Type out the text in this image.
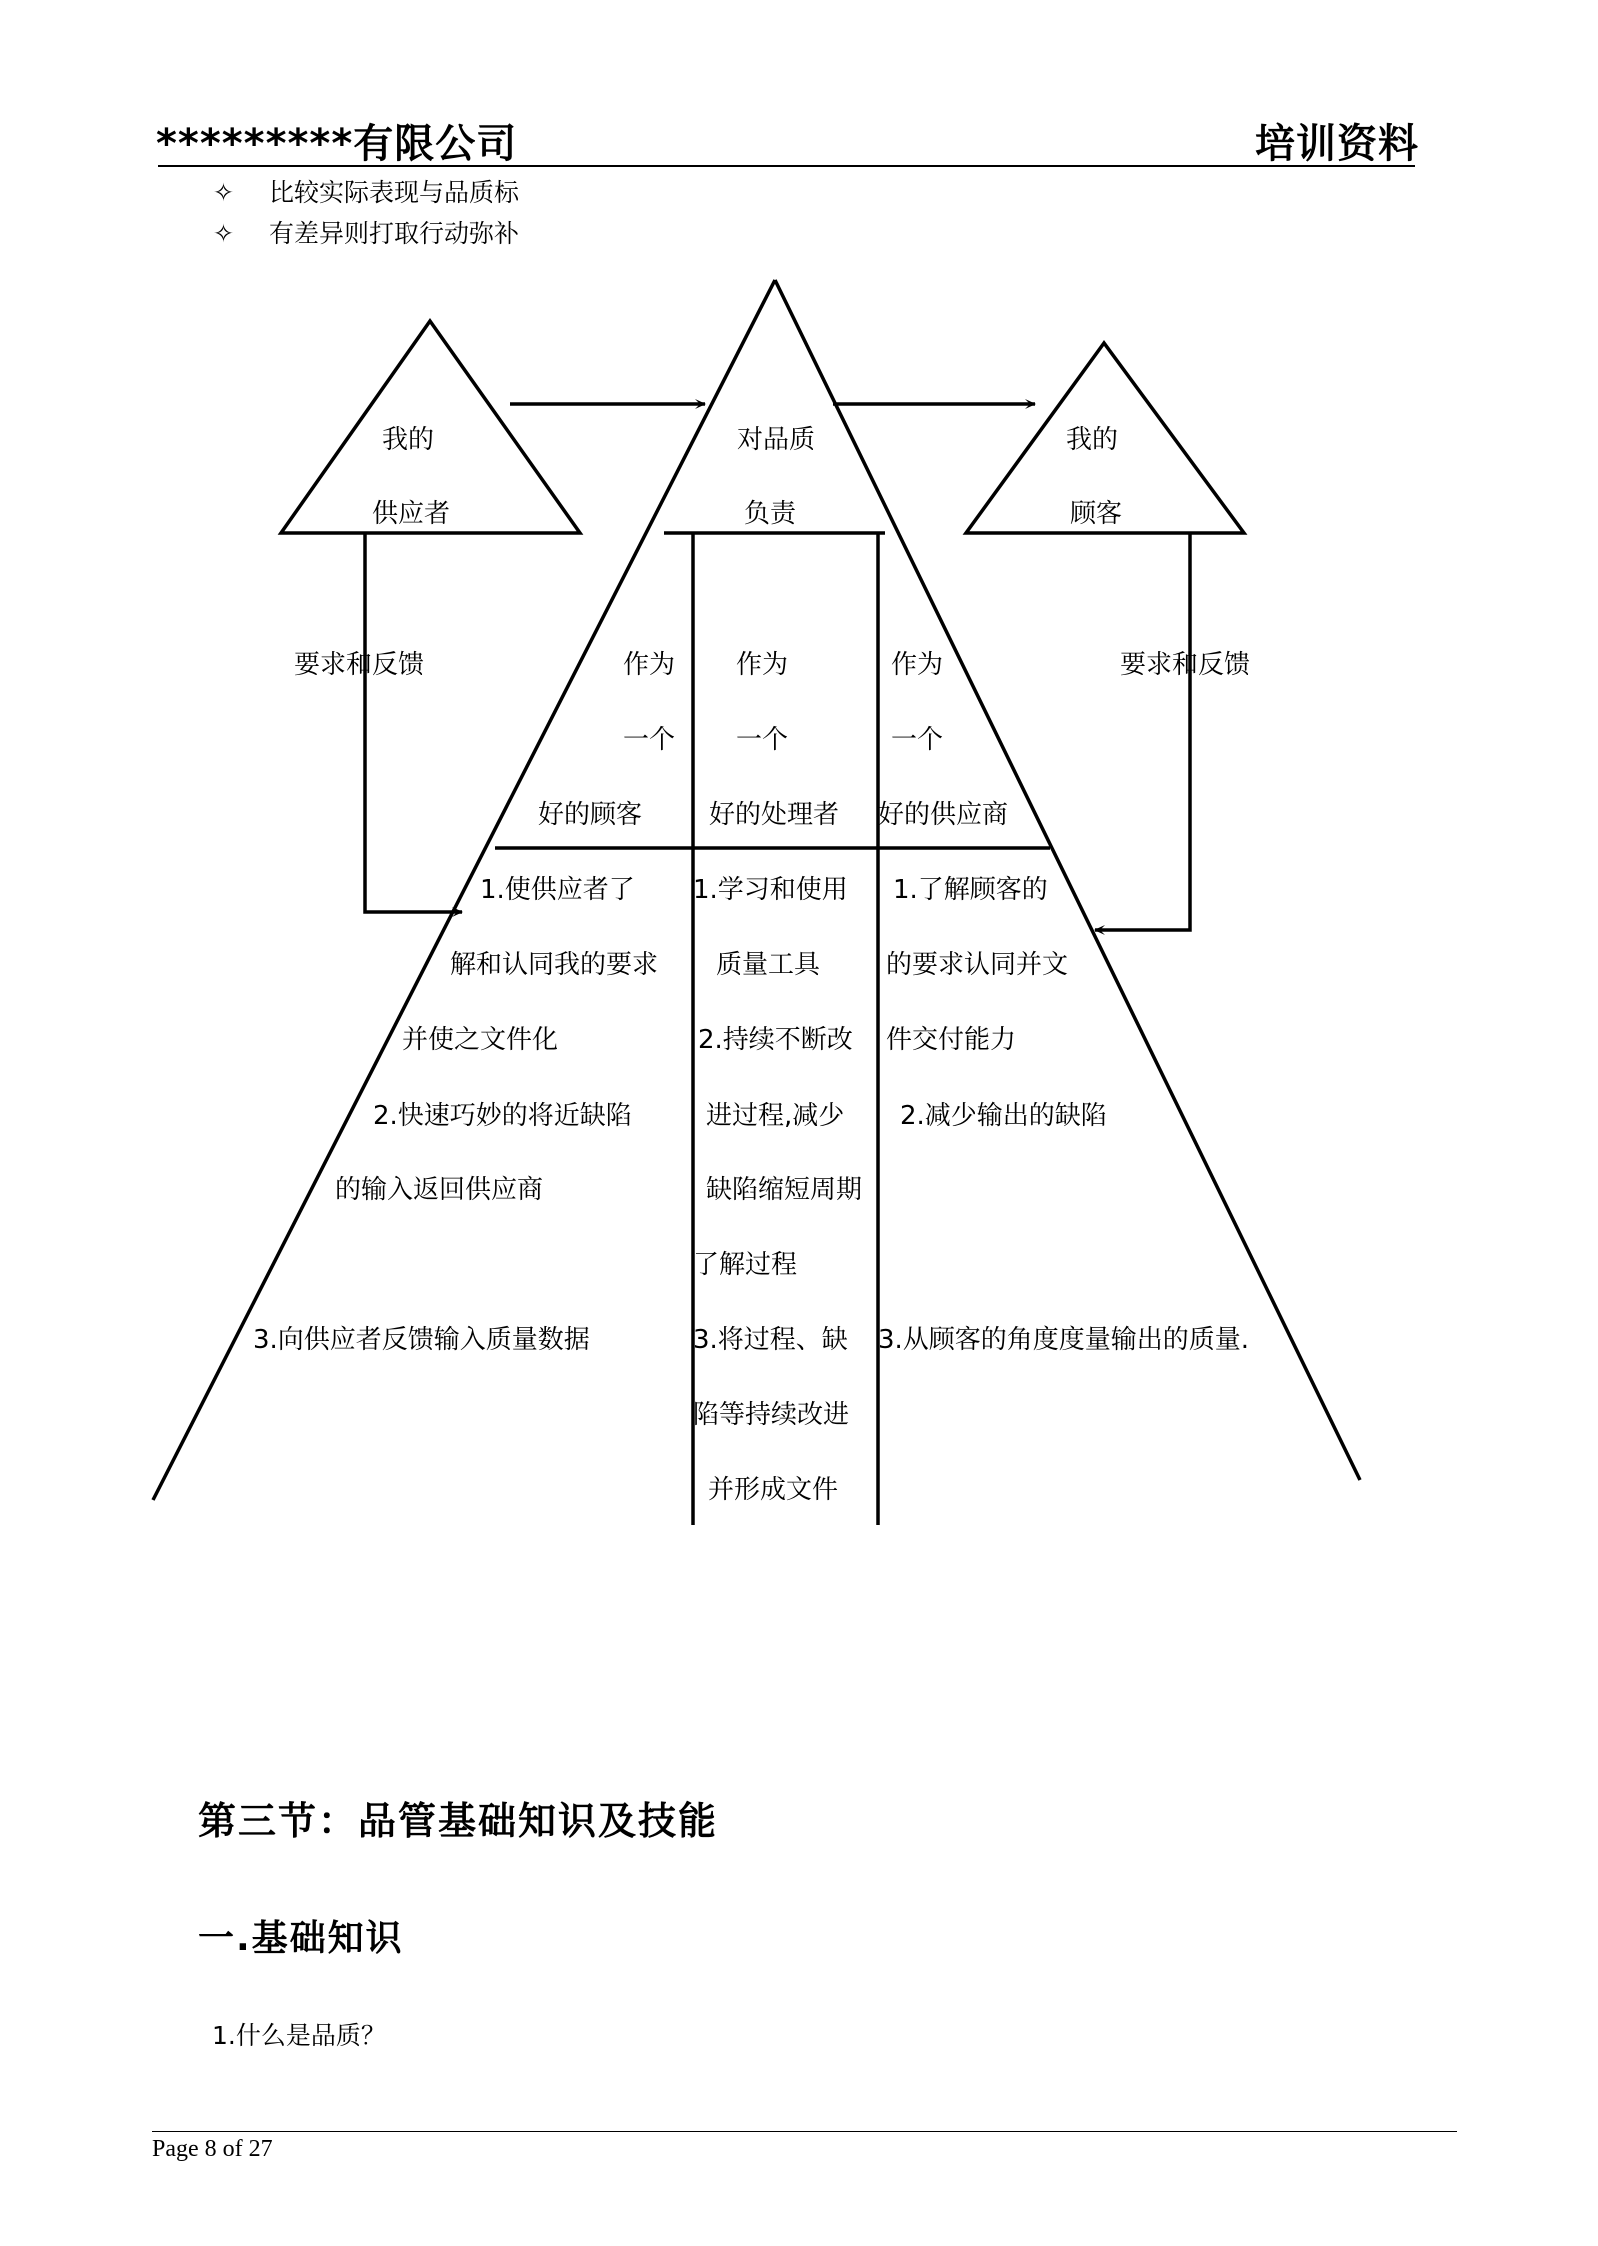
*********有限公司	培训资料
✧ 比较实际表现与品质标
✧ 有差异则打取行动弥补
我的
供应者
对品质
负责
我的
顾客
要求和反馈	要求和反馈
作为
一个
好的顾客
作为
一个
好的处理者
作为
一个
好的供应商
1.使供应者了
解和认同我的要求
并使之文件化
2.快速巧妙的将近缺陷
的输入返回供应商
3.向供应者反馈输入质量数据
1.学习和使用
质量工具
2.持续不断改
进过程,减少
缺陷缩短周期
了解过程
3.将过程、缺
陷等持续改进
并形成文件
1.了解顾客的
的要求认同并文
件交付能力
2.减少输出的缺陷
3.从顾客的角度度量输出的质量.
第三节：品管基础知识及技能
一.基础知识
1.什么是品质？
Page 8 of 27
